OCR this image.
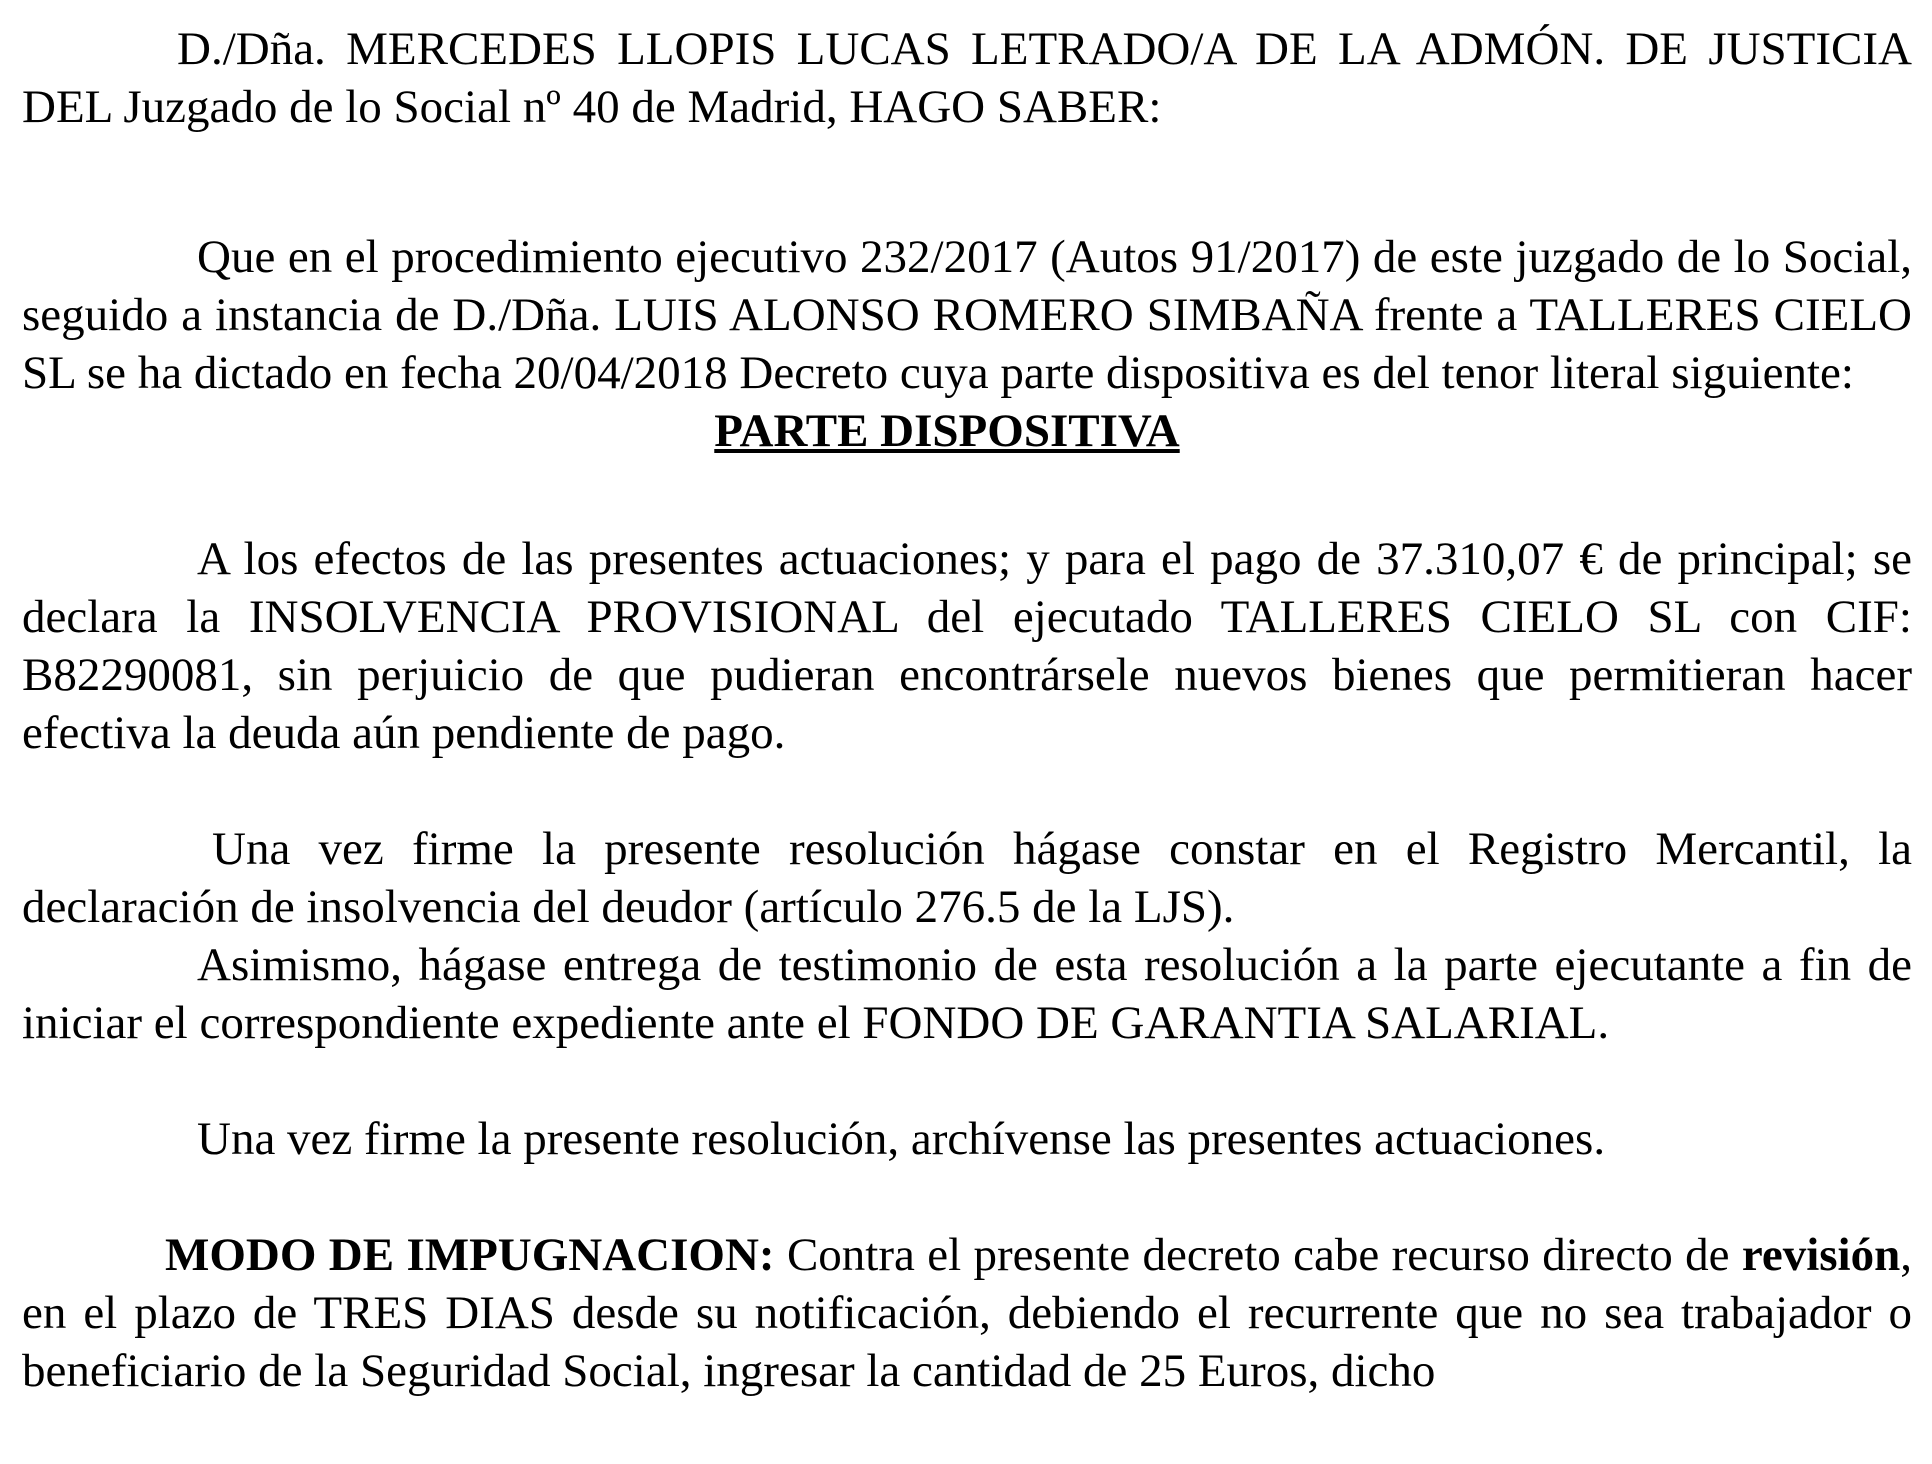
D./Dña. MERCEDES LLOPIS LUCAS LETRADO/A DE LA ADMÓN. DE JUSTICIA DEL Juzgado de lo Social nº 40 de Madrid, HAGO SABER:

Que en el procedimiento ejecutivo 232/2017 (Autos 91/2017) de este juzgado de lo Social, seguido a instancia de D./Dña. LUIS ALONSO ROMERO SIMBAÑA frente a TALLERES CIELO SL se ha dictado en fecha 20/04/2018 Decreto cuya parte dispositiva es del tenor literal siguiente:

PARTE DISPOSITIVA

A los efectos de las presentes actuaciones; y para el pago de 37.310,07 € de principal; se declara la INSOLVENCIA PROVISIONAL del ejecutado TALLERES CIELO SL con CIF: B82290081, sin perjuicio de que pudieran encontrársele nuevos bienes que permitieran hacer efectiva la deuda aún pendiente de pago.

Una vez firme la presente resolución hágase constar en el Registro Mercantil, la declaración de insolvencia del deudor (artículo 276.5 de la LJS).

Asimismo, hágase entrega de testimonio de esta resolución a la parte ejecutante a fin de iniciar el correspondiente expediente ante el FONDO DE GARANTIA SALARIAL.

Una vez firme la presente resolución, archívense las presentes actuaciones.

MODO DE IMPUGNACION: Contra el presente decreto cabe recurso directo de revisión, en el plazo de TRES DIAS desde su notificación, debiendo el recurrente que no sea trabajador o beneficiario de la Seguridad Social, ingresar la cantidad de 25 Euros, dicho
